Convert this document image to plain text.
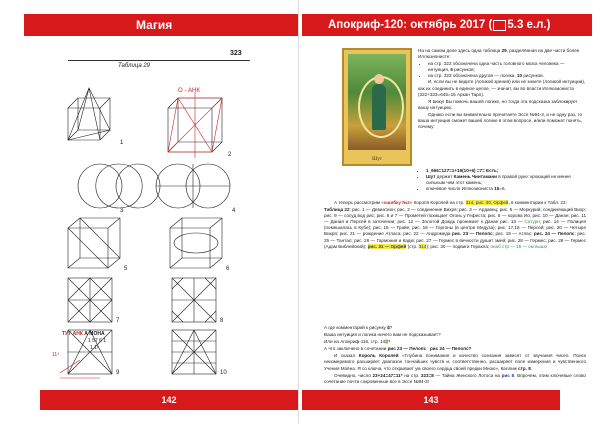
Магия
323
Таблица 29
О - АНК
1
2
3	4
5	6
7	8
9	10
ТУТ АНК А МОНА
1 57 6 1
1 1¹
11³
142
Апокриф-120: октябрь 2017 ( 5.3 е.л.)
Шут

На на самом деле здесь одна таблица 29, разделённая на две части более Иллюзионисте:

• на стр. 322 обозначена одна часть головного мозга человека — интуиция, 6 рисунков;
• на стр. 323 обозначена другая — логика, 10 рисунков.

И, если вы не видите (логикой зрения) или не знаете (логикой интуиции), как их соединить в единое целое, — значит, вы во власти Иллюзиониста (322+323=645=15 Аркан Таро).

Я вижу! Вы помочь вашей логике, но тогда эта подсказка заблокирует вашу интуицию.

Однако если вы внимательно прочитаете Эссе №94-3, и не одну раз, то ваша интуиция сможет вашей логике в этом вопросе, и/или поможет понять, почему:

• 1_666=127=1+16(10+6) =7= Есть;
• Шут держит Камень Чинтамани в правой руке: кроющий не менее сильным чем этот камень;
• ключевое число Иллюзиониста 15=6.

А теперь рассмотрим «ошибку №2» Короля Королей на стр. 314, рис. 30, Орфей, в комментарии к Табл. 22:

Таблица 22: рис. 1 — Девиатион; рис. 2 — соединение Вихря; рис. 3 — Ардавец; рис. 5 — Меркурий, соединяющий Вихр; рис. 9 — сосуд вод рис; рис. 6 и 7 — Прометей похищает Огонь у Гефеста; рис. 8 — корова Ио; рис. 10 — Данан; рис. 11 — Даная и Персей в заточении; рис. 12 — Золотой Дождь проникает к Данае рис. 13 — Сатурн; рис. 14 — Полицея (помешалась в Кубе); рис. 15 — Грайе; рис. 16 — Горгоны (в центре Медуза); рис. 17,18 — Персей; рис. 20 — Четыре Вихря; рис. 21 — рождение Атласа; рис. 22 — Андромеда рис. 23 — Пелопс; рис. 19 — Атлас; рис. 24 — Пелопс; рис. 25 — Тантал; рис. 26 — Гармония и Кадм; рис. 27 — Гермес в вечности душит змей; рис. 28 — Гермес; рис. 29 — Гермес (Адам Библейский); рис. 31 — Орфей (стр. 314); рис. 30 — подвиги Геракла; онаб стр — 15 — см выше

А где комментарий к рисунку 4?

Ваша интуиция и логика ничего вам не подсказывает?

Или на Апокриф-116, стр. 143?

А что заключено в сочетании рис 23 — Пелопс : рис 24 — Пелопс?

И сказал Король Королей «Глубина понимания и качество сознания зависят от звучания чисел. Поиск неизмеримого расширяет диапазон тончайших чувств и, соответственно, расширяет поле измерения и чувственного Учения Моёна. Я со ключа, что открывает ум своего сердца своей предки Мною», Каллиж стр. 8.

Очевидно, число 23+24=47=11* на стр. 323=8 — Тайна Женского Лотоса на рис 8. Впрочем, этим ключевые слово сочетание почти сокровенные все в Эссе №94-3!

143
